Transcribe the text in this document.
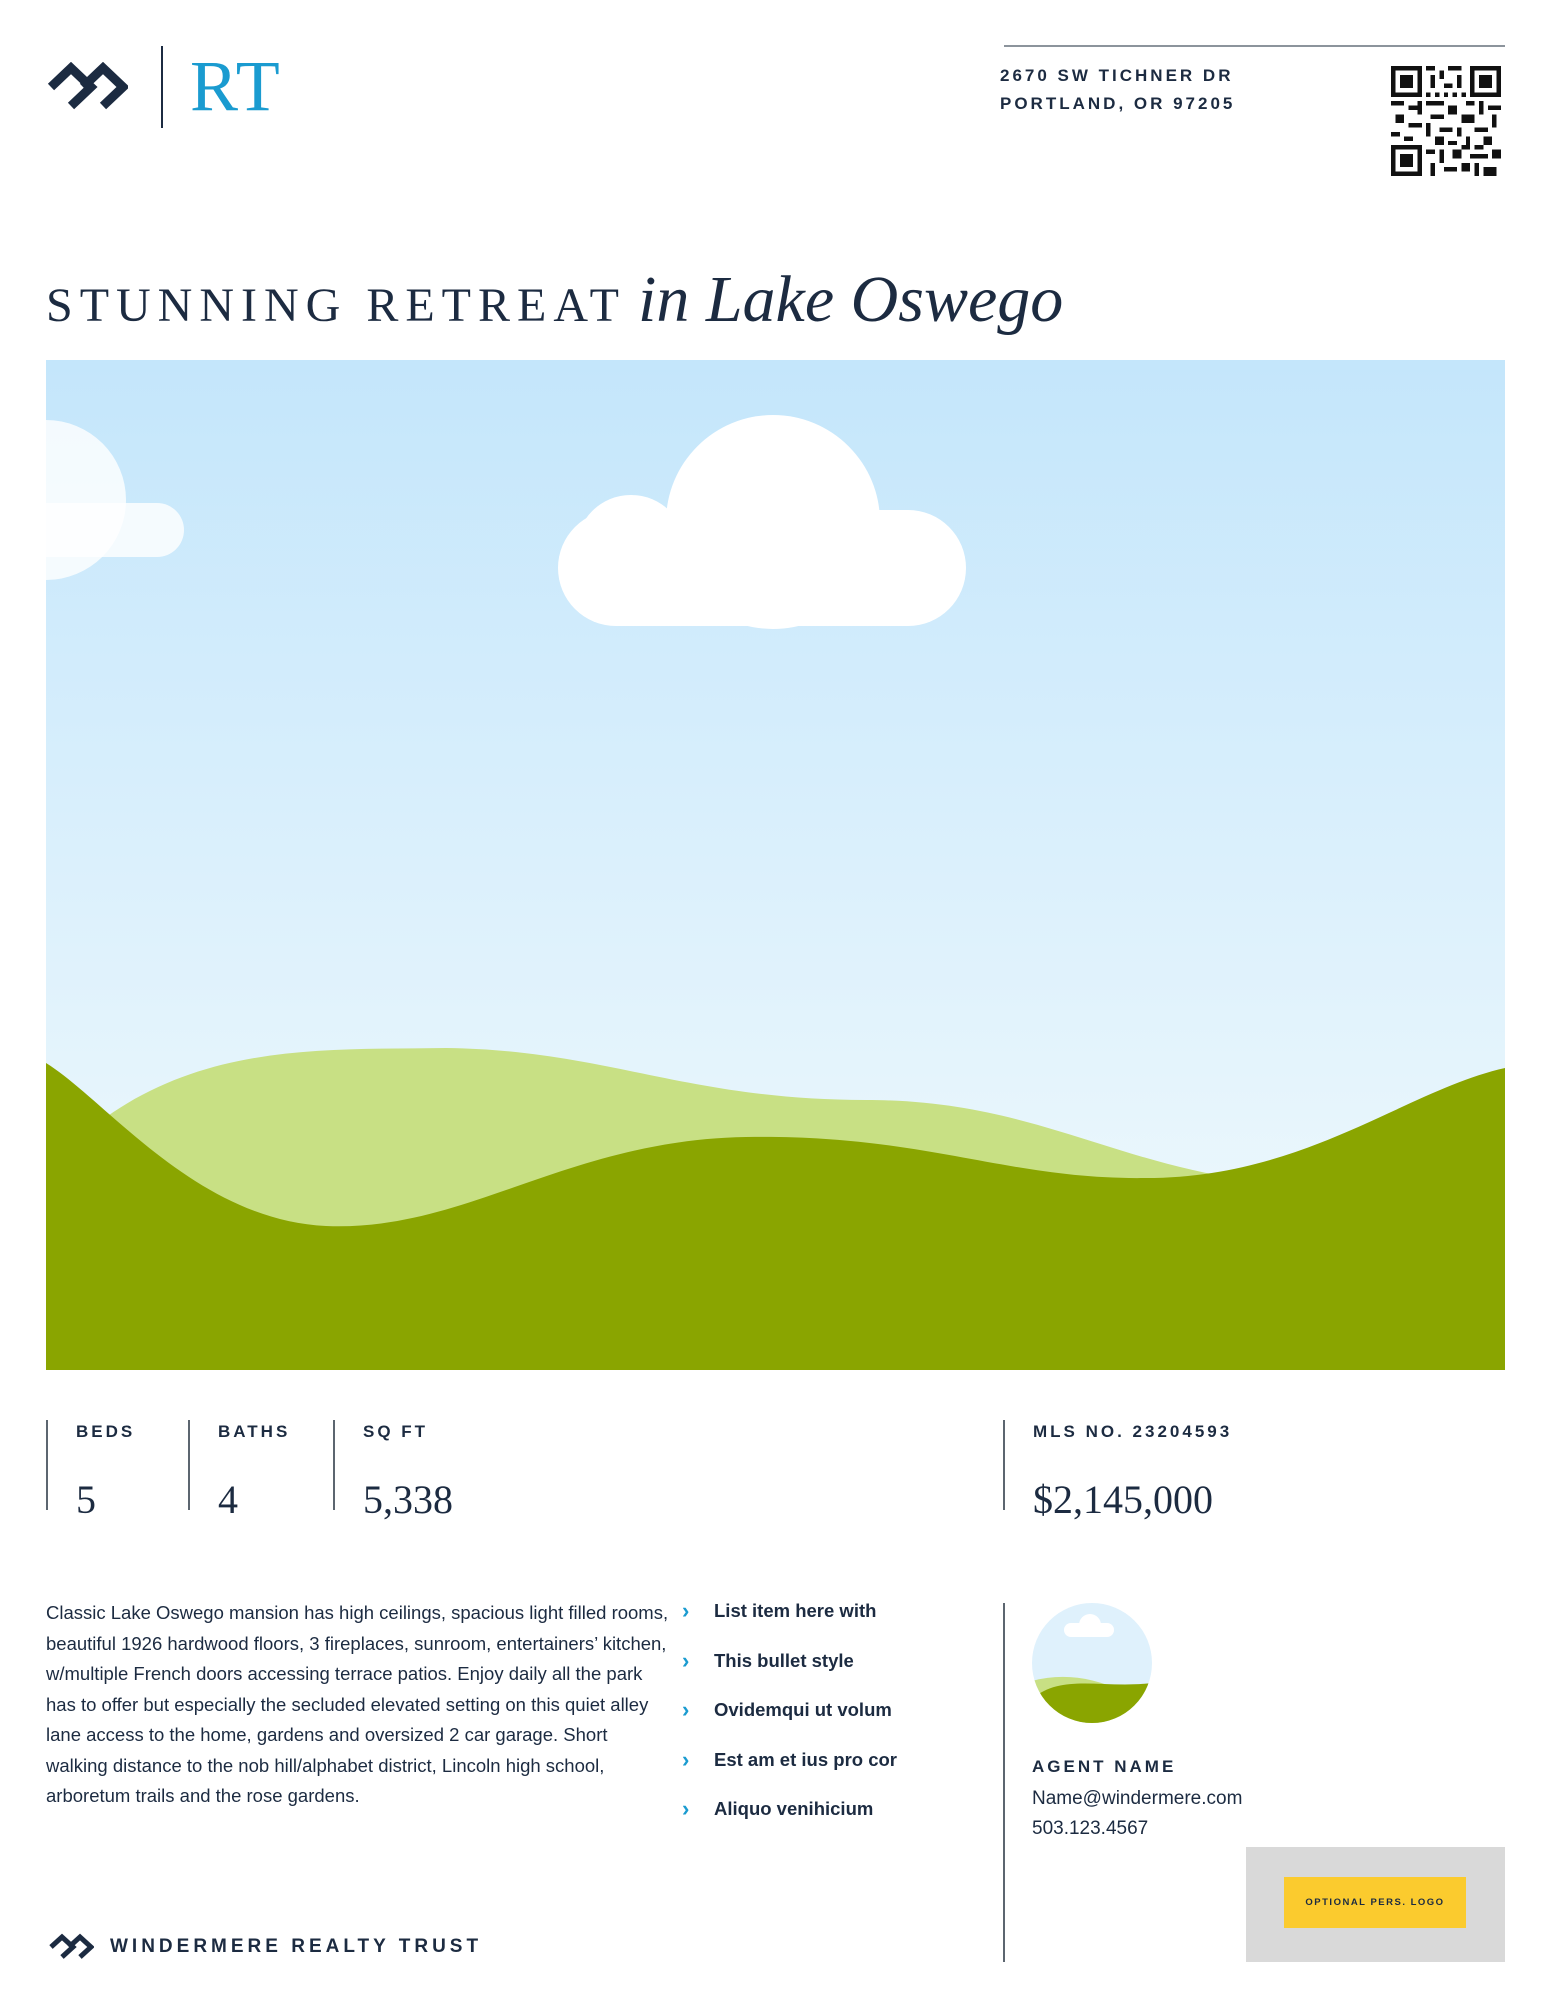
RT	2670 SW TICHNER DR
PORTLAND, OR 97205
STUNNING RETREAT in Lake Oswego
BEDS
5
BATHS
4
SQ FT
5,338
MLS NO. 23204593
$2,145,000
Classic Lake Oswego mansion has high ceilings, spacious light filled rooms, beautiful 1926 hardwood floors, 3 fireplaces, sunroom, entertainers’ kitchen, w/multiple French doors accessing terrace patios. Enjoy daily all the park has to offer but especially the secluded elevated setting on this quiet alley lane access to the home, gardens and oversized 2 car garage. Short walking distance to the nob hill/alphabet district, Lincoln high school, arboretum trails and the rose gardens.
› List item here with
› This bullet style
› Ovidemqui ut volum
› Est am et ius pro cor
› Aliquo venihicium
AGENT NAME
Name@windermere.com
503.123.4567
OPTIONAL PERS. LOGO
WINDERMERE REALTY TRUST
